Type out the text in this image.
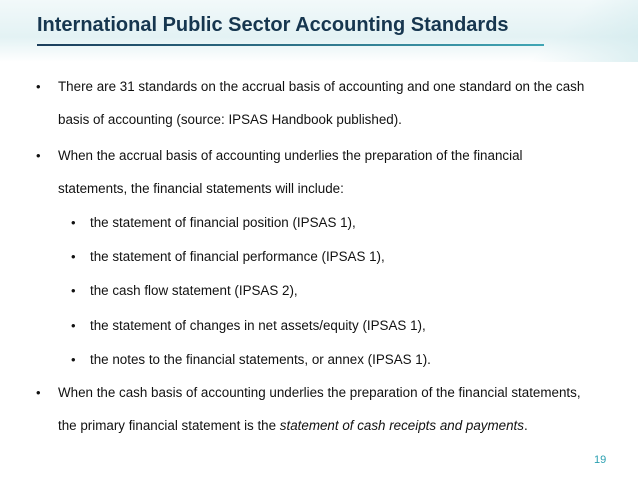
International Public Sector Accounting Standards
• There are 31 standards on the accrual basis of accounting and one standard on the cash
basis of accounting (source: IPSAS Handbook published).
• When the accrual basis of accounting underlies the preparation of the financial
statements, the financial statements will include:
• the statement of financial position (IPSAS 1),
• the statement of financial performance (IPSAS 1),
• the cash flow statement (IPSAS 2),
• the statement of changes in net assets/equity (IPSAS 1),
• the notes to the financial statements, or annex (IPSAS 1).
• When the cash basis of accounting underlies the preparation of the financial statements,
the primary financial statement is the statement of cash receipts and payments.
19
